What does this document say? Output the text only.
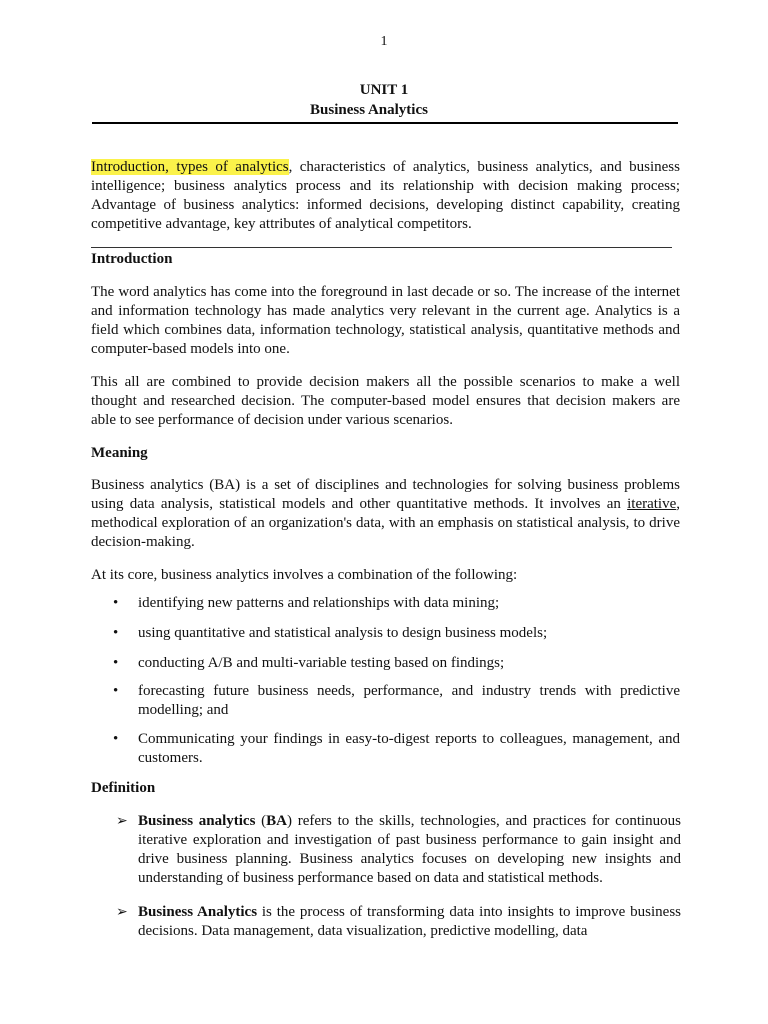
1
UNIT 1
Business Analytics
Introduction, types of analytics, characteristics of analytics, business analytics, and business intelligence; business analytics process and its relationship with decision making process; Advantage of business analytics: informed decisions, developing distinct capability, creating competitive advantage, key attributes of analytical competitors.
Introduction
The word analytics has come into the foreground in last decade or so. The increase of the internet and information technology has made analytics very relevant in the current age. Analytics is a field which combines data, information technology, statistical analysis, quantitative methods and computer-based models into one.
This all are combined to provide decision makers all the possible scenarios to make a well thought and researched decision. The computer-based model ensures that decision makers are able to see performance of decision under various scenarios.
Meaning
Business analytics (BA) is a set of disciplines and technologies for solving business problems using data analysis, statistical models and other quantitative methods. It involves an iterative, methodical exploration of an organization's data, with an emphasis on statistical analysis, to drive decision-making.
At its core, business analytics involves a combination of the following:
• identifying new patterns and relationships with data mining;
• using quantitative and statistical analysis to design business models;
• conducting A/B and multi-variable testing based on findings;
• forecasting future business needs, performance, and industry trends with predictive modelling; and
• Communicating your findings in easy-to-digest reports to colleagues, management, and customers.
Definition
➢ Business analytics (BA) refers to the skills, technologies, and practices for continuous iterative exploration and investigation of past business performance to gain insight and drive business planning. Business analytics focuses on developing new insights and understanding of business performance based on data and statistical methods.
➢ Business Analytics is the process of transforming data into insights to improve business decisions. Data management, data visualization, predictive modelling, data
